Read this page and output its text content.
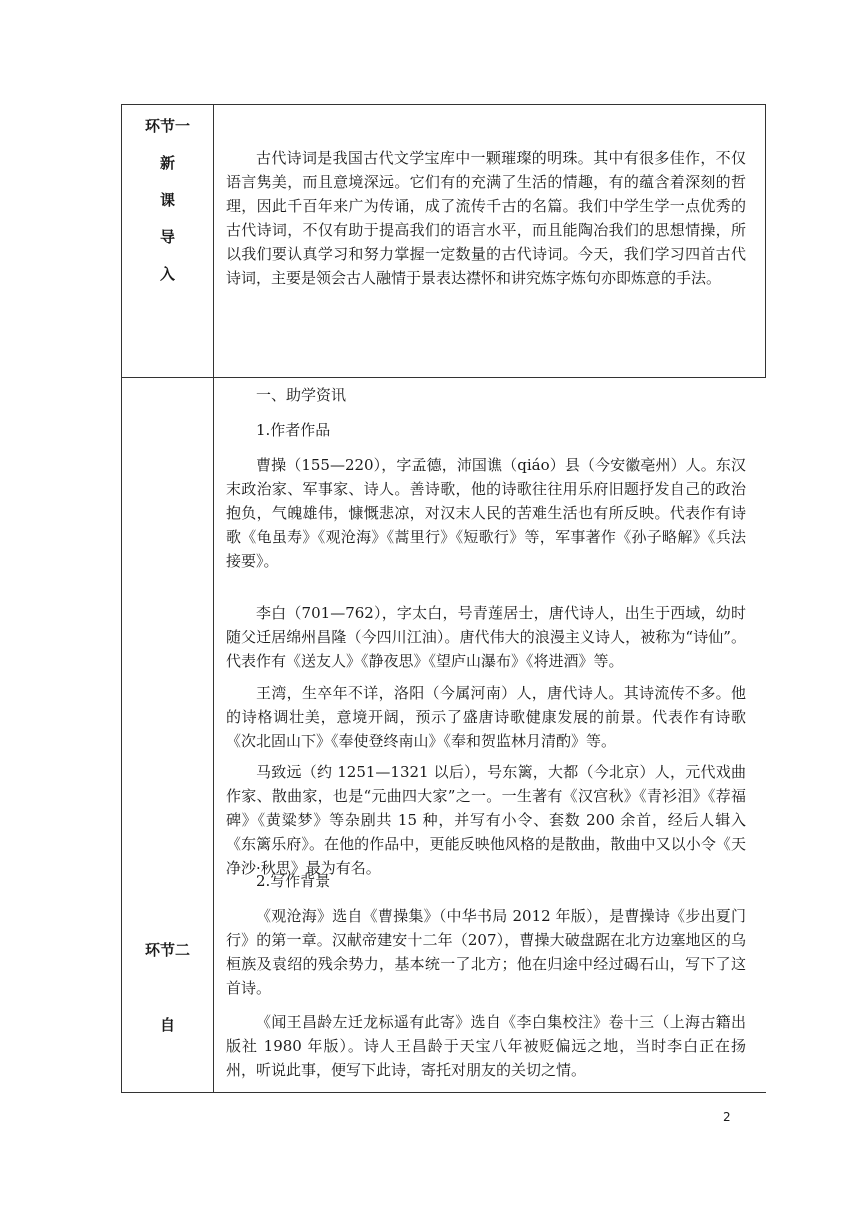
环节一
新
课
导
入

古代诗词是我国古代文学宝库中一颗璀璨的明珠。其中有很多佳作，不仅语言隽美，而且意境深远。它们有的充满了生活的情趣，有的蕴含着深刻的哲理，因此千百年来广为传诵，成了流传千古的名篇。我们中学生学一点优秀的古代诗词，不仅有助于提高我们的语言水平，而且能陶冶我们的思想情操，所以我们要认真学习和努力掌握一定数量的古代诗词。今天，我们学习四首古代诗词，主要是领会古人融情于景表达襟怀和讲究炼字炼句亦即炼意的手法。

一、助学资讯
1.作者作品

曹操（155—220），字孟德，沛国谯（qiáo）县（今安徽亳州）人。东汉末政治家、军事家、诗人。善诗歌，他的诗歌往往用乐府旧题抒发自己的政治抱负，气魄雄伟，慷慨悲凉，对汉末人民的苦难生活也有所反映。代表作有诗歌《龟虽寿》《观沧海》《蒿里行》《短歌行》等，军事著作《孙子略解》《兵法接要》。

李白（701—762），字太白，号青莲居士，唐代诗人，出生于西域，幼时随父迁居绵州昌隆（今四川江油）。唐代伟大的浪漫主义诗人，被称为“诗仙”。代表作有《送友人》《静夜思》《望庐山瀑布》《将进酒》等。

王湾，生卒年不详，洛阳（今属河南）人，唐代诗人。其诗流传不多。他的诗格调壮美，意境开阔，预示了盛唐诗歌健康发展的前景。代表作有诗歌《次北固山下》《奉使登终南山》《奉和贺监林月清酌》等。

马致远（约 1251—1321 以后），号东篱，大都（今北京）人，元代戏曲作家、散曲家，也是“元曲四大家”之一。一生著有《汉宫秋》《青衫泪》《荐福碑》《黄粱梦》等杂剧共 15 种，并写有小令、套数 200 余首，经后人辑入《东篱乐府》。在他的作品中，更能反映他风格的是散曲，散曲中又以小令《天净沙·秋思》最为有名。

2.写作背景

《观沧海》选自《曹操集》（中华书局 2012 年版），是曹操诗《步出夏门行》的第一章。汉献帝建安十二年（207），曹操大破盘踞在北方边塞地区的乌桓族及袁绍的残余势力，基本统一了北方；他在归途中经过碣石山，写下了这首诗。

《闻王昌龄左迁龙标遥有此寄》选自《李白集校注》卷十三（上海古籍出版社 1980 年版）。诗人王昌龄于天宝八年被贬偏远之地，当时李白正在扬州，听说此事，便写下此诗，寄托对朋友的关切之情。

环节二
自
2
